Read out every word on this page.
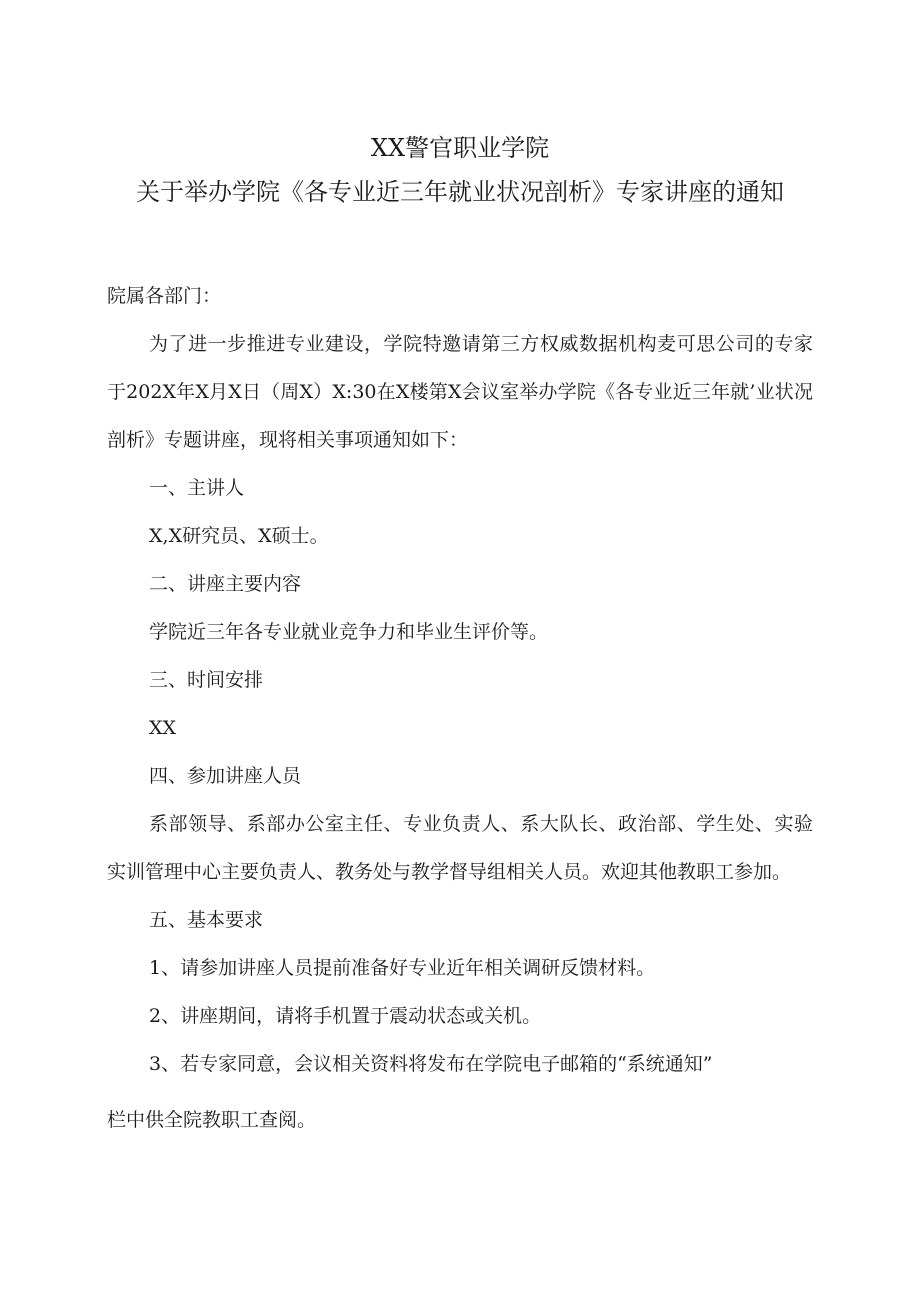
XX警官职业学院
关于举办学院《各专业近三年就业状况剖析》专家讲座的通知

院属各部门：

为了进一步推进专业建设，学院特邀请第三方权威数据机构麦可思公司的专家于202X年X月X日（周X）X:30在X楼第X会议室举办学院《各专业近三年就’业状况剖析》专题讲座，现将相关事项通知如下：

一、主讲人

X,X研究员、X硕士。

二、讲座主要内容

学院近三年各专业就业竞争力和毕业生评价等。

三、时间安排

XX

四、参加讲座人员

系部领导、系部办公室主任、专业负责人、系大队长、政治部、学生处、实验实训管理中心主要负责人、教务处与教学督导组相关人员。欢迎其他教职工参加。

五、基本要求

1、请参加讲座人员提前准备好专业近年相关调研反馈材料。

2、讲座期间，请将手机置于震动状态或关机。

3、若专家同意，会议相关资料将发布在学院电子邮箱的“系统通知”

栏中供全院教职工查阅。
